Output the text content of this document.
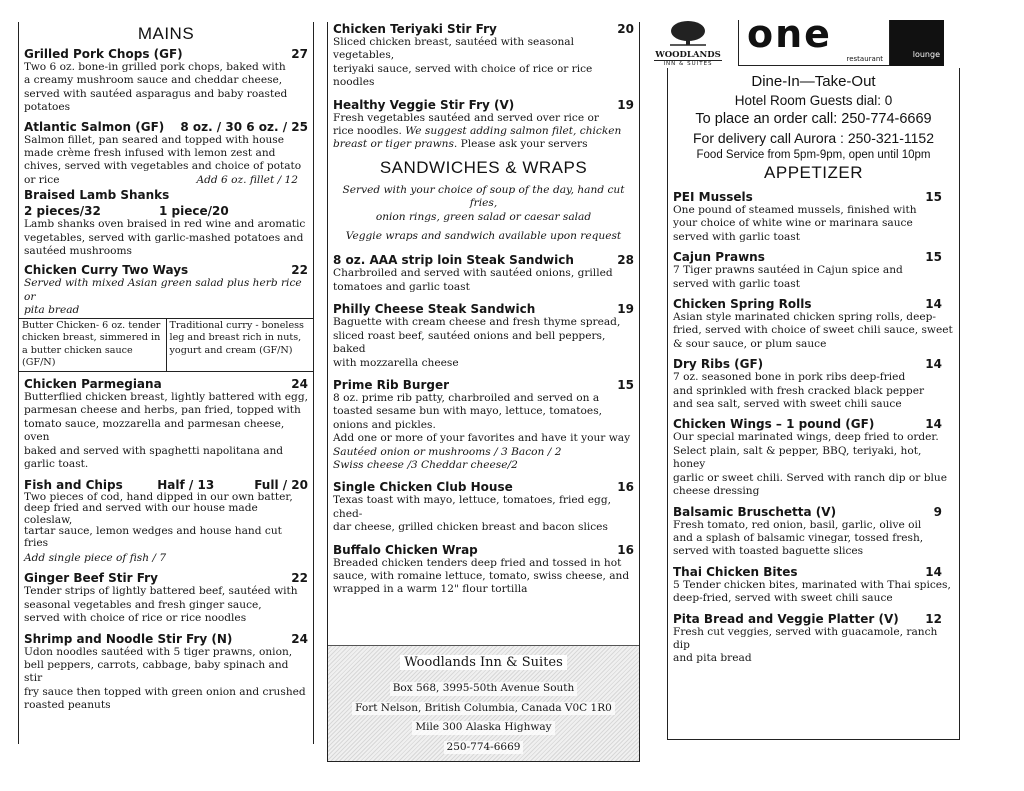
MAINS
Grilled Pork Chops (GF)	27
Two 6 oz. bone-in grilled pork chops, baked with
a creamy mushroom sauce and cheddar cheese,
served with sautéed asparagus and baby roasted
potatoes
Atlantic Salmon (GF) 8 oz. / 30 6 oz. / 25
Salmon fillet, pan seared and topped with house
made crème fresh infused with lemon zest and
chives, served with vegetables and choice of potato
or rice	Add 6 oz. fillet / 12
Braised Lamb Shanks
2 pieces/32	1 piece/20
Lamb shanks oven braised in red wine and aromatic
vegetables, served with garlic-mashed potatoes and
sautéed mushrooms
Chicken Curry Two Ways	22
Served with mixed Asian green salad plus herb rice or
pita bread
Butter Chicken- 6 oz. tender
chicken breast, simmered in
a butter chicken sauce
(GF/N)
Traditional curry - boneless
leg and breast rich in nuts,
yogurt and cream (GF/N)
Chicken Parmegiana	24
Butterflied chicken breast, lightly battered with egg,
parmesan cheese and herbs, pan fried, topped with
tomato sauce, mozzarella and parmesan cheese, oven
baked and served with spaghetti napolitana and
garlic toast.
Fish and Chips	Half / 13	Full / 20
Two pieces of cod, hand dipped in our own batter,
deep fried and served with our house made coleslaw,
tartar sauce, lemon wedges and house hand cut fries
Add single piece of fish / 7
Ginger Beef Stir Fry	22
Tender strips of lightly battered beef, sautéed with
seasonal vegetables and fresh ginger sauce,
served with choice of rice or rice noodles
Shrimp and Noodle Stir Fry (N)	24
Udon noodles sautéed with 5 tiger prawns, onion,
bell peppers, carrots, cabbage, baby spinach and stir
fry sauce then topped with green onion and crushed
roasted peanuts
Chicken Teriyaki Stir Fry	20
Sliced chicken breast, sautéed with seasonal vegetables,
teriyaki sauce, served with choice of rice or rice noodles
Healthy Veggie Stir Fry (V)	19
Fresh vegetables sautéed and served over rice or
rice noodles. We suggest adding salmon filet, chicken
breast or tiger prawns. Please ask your servers
SANDWICHES & WRAPS
Served with your choice of soup of the day, hand cut fries,
onion rings, green salad or caesar salad
Veggie wraps and sandwich available upon request
8 oz. AAA strip loin Steak Sandwich	28
Charbroiled and served with sautéed onions, grilled
tomatoes and garlic toast
Philly Cheese Steak Sandwich	19
Baguette with cream cheese and fresh thyme spread,
sliced roast beef, sautéed onions and bell peppers, baked
with mozzarella cheese
Prime Rib Burger	15
8 oz. prime rib patty, charbroiled and served on a
toasted sesame bun with mayo, lettuce, tomatoes,
onions and pickles.
Add one or more of your favorites and have it your way
Sautéed onion or mushrooms / 3 Bacon / 2
Swiss cheese /3 Cheddar cheese/2
Single Chicken Club House	16
Texas toast with mayo, lettuce, tomatoes, fried egg, ched-
dar cheese, grilled chicken breast and bacon slices
Buffalo Chicken Wrap	16
Breaded chicken tenders deep fried and tossed in hot
sauce, with romaine lettuce, tomato, swiss cheese, and
wrapped in a warm 12" flour tortilla
Woodlands Inn & Suites
Box 568, 3995-50th Avenue South
Fort Nelson, British Columbia, Canada V0C 1R0
Mile 300 Alaska Highway
250-774-6669
WOODLANDS
INN & SUITES
one
restaurant	lounge
Dine-In—Take-Out
Hotel Room Guests dial: 0
To place an order call: 250-774-6669
For delivery call Aurora : 250-321-1152
Food Service from 5pm-9pm, open until 10pm
APPETIZER
PEI Mussels	15
One pound of steamed mussels, finished with
your choice of white wine or marinara sauce
served with garlic toast
Cajun Prawns	15
7 Tiger prawns sautéed in Cajun spice and
served with garlic toast
Chicken Spring Rolls	14
Asian style marinated chicken spring rolls, deep-
fried, served with choice of sweet chili sauce, sweet
& sour sauce, or plum sauce
Dry Ribs (GF)	14
7 oz. seasoned bone in pork ribs deep-fried
and sprinkled with fresh cracked black pepper
and sea salt, served with sweet chili sauce
Chicken Wings – 1 pound (GF)	14
Our special marinated wings, deep fried to order.
Select plain, salt & pepper, BBQ, teriyaki, hot, honey
garlic or sweet chili. Served with ranch dip or blue
cheese dressing
Balsamic Bruschetta (V)	9
Fresh tomato, red onion, basil, garlic, olive oil
and a splash of balsamic vinegar, tossed fresh,
served with toasted baguette slices
Thai Chicken Bites	14
5 Tender chicken bites, marinated with Thai spices,
deep-fried, served with sweet chili sauce
Pita Bread and Veggie Platter (V) 12
Fresh cut veggies, served with guacamole, ranch dip
and pita bread
